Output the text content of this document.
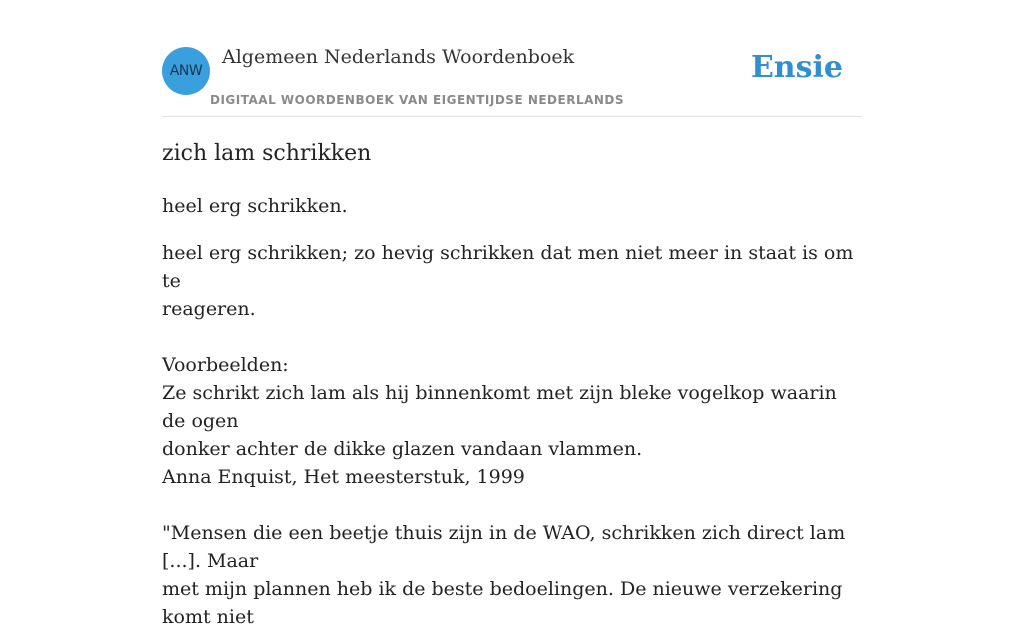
ANW
Algemeen Nederlands Woordenboek
DIGITAAL WOORDENBOEK VAN EIGENTIJDSE NEDERLANDS
Ensie
zich lam schrikken

heel erg schrikken.

heel erg schrikken; zo hevig schrikken dat men niet meer in staat is om te
reageren.
Voorbeelden:
Ze schrikt zich lam als hij binnenkomt met zijn bleke vogelkop waarin de ogen
donker achter de dikke glazen vandaan vlammen.
Anna Enquist, Het meesterstuk, 1999
"Mensen die een beetje thuis zijn in de WAO, schrikken zich direct lam [...]. Maar
met mijn plannen heb ik de beste bedoelingen. De nieuwe verzekering komt niet
